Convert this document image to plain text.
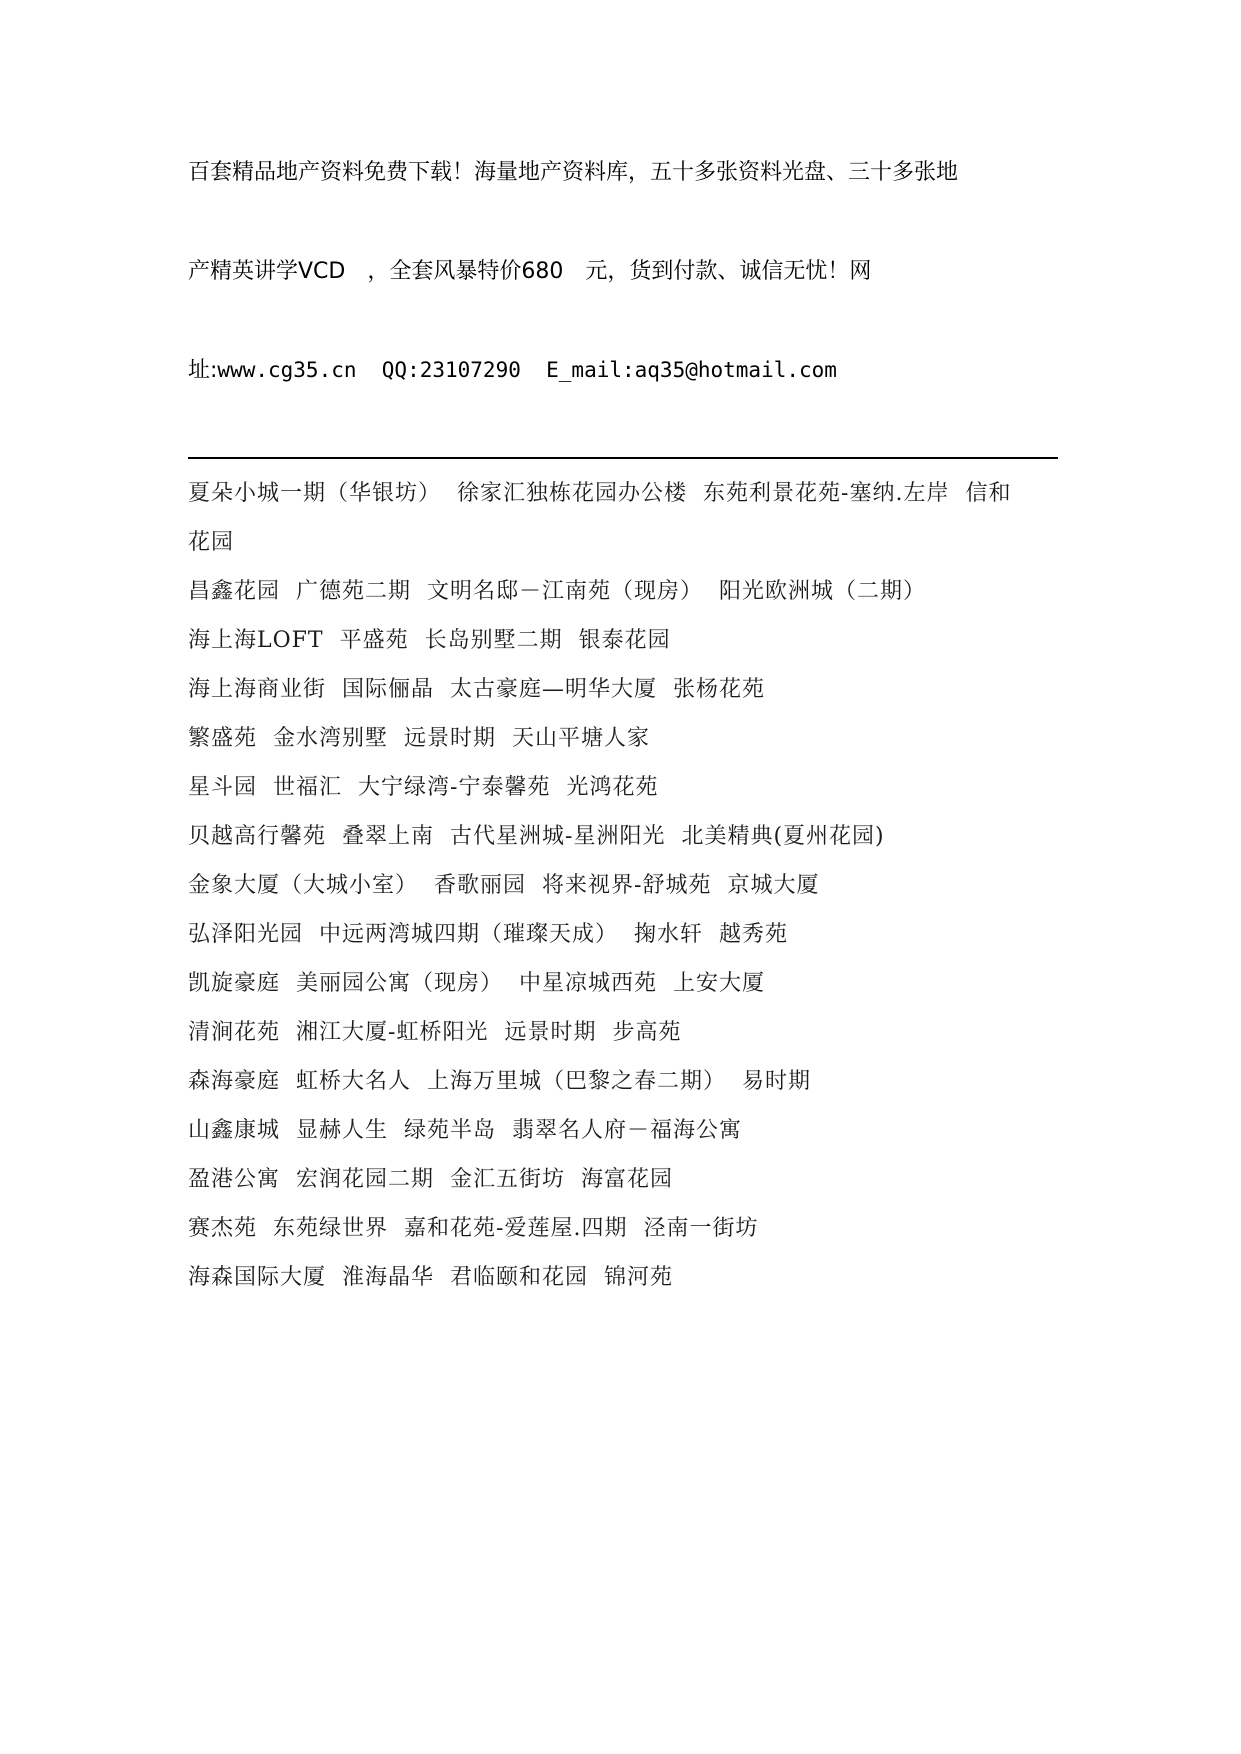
百套精品地产资料免费下载！海量地产资料库，五十多张资料光盘、三十多张地

产精英讲学VCD　，全套风暴特价680　元，货到付款、诚信无忧！网

址:www.cg35.cn  QQ:23107290  E_mail:aq35@hotmail.com

夏朵小城一期（华银坊） 徐家汇独栋花园办公楼 东苑利景花苑-塞纳.左岸 信和
花园
昌鑫花园 广德苑二期 文明名邸－江南苑（现房） 阳光欧洲城（二期）
海上海LOFT 平盛苑 长岛别墅二期 银泰花园
海上海商业街 国际俪晶 太古豪庭—明华大厦 张杨花苑
繁盛苑 金水湾别墅 远景时期 天山平塘人家
星斗园 世福汇 大宁绿湾-宁泰馨苑 光鸿花苑
贝越高行馨苑 叠翠上南 古代星洲城-星洲阳光 北美精典(夏州花园)
金象大厦（大城小室） 香歌丽园 将来视界-舒城苑 京城大厦
弘泽阳光园 中远两湾城四期（璀璨天成） 掬水轩 越秀苑
凯旋豪庭 美丽园公寓（现房） 中星凉城西苑 上安大厦
清涧花苑 湘江大厦-虹桥阳光 远景时期 步高苑
森海豪庭 虹桥大名人 上海万里城（巴黎之春二期） 易时期
山鑫康城 显赫人生 绿苑半岛 翡翠名人府－福海公寓
盈港公寓 宏润花园二期 金汇五街坊 海富花园
赛杰苑 东苑绿世界 嘉和花苑-爱莲屋.四期 泾南一街坊
海森国际大厦 淮海晶华 君临颐和花园 锦河苑
